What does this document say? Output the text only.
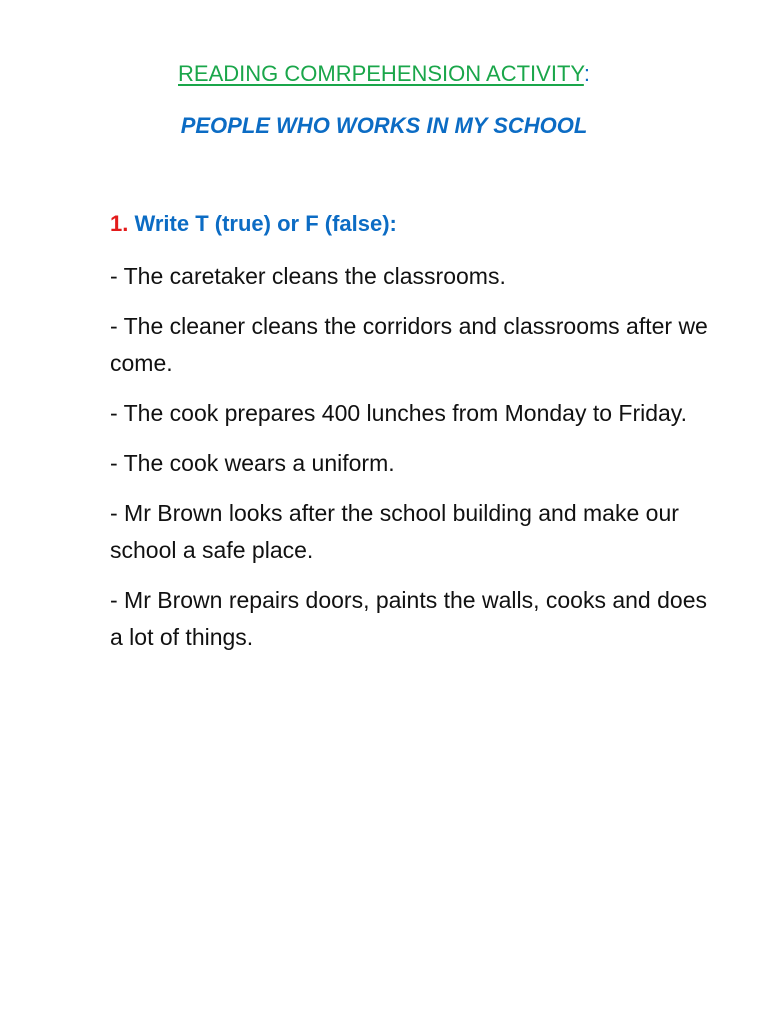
READING COMRPEHENSION ACTIVITY:
PEOPLE WHO WORKS IN MY SCHOOL
1. Write T (true) or F (false):
- The caretaker cleans the classrooms.
- The cleaner cleans the corridors and classrooms after we come.
- The cook prepares 400 lunches from Monday to Friday.
- The cook wears a uniform.
- Mr Brown looks after the school building and make our school a safe place.
- Mr Brown repairs doors, paints the walls, cooks and does a lot of things.
